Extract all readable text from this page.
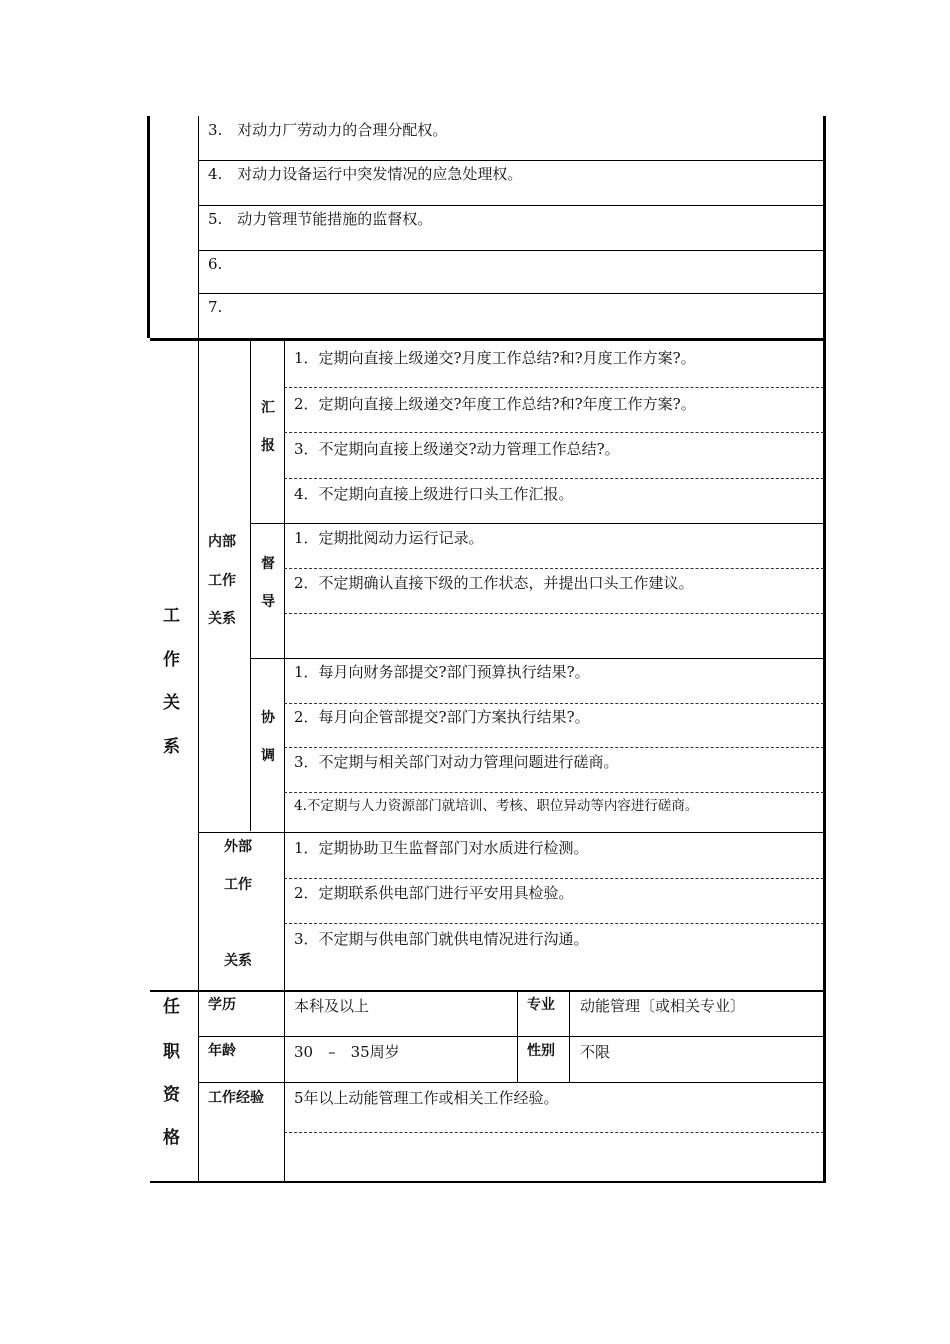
3.　对动力厂劳动力的合理分配权。
4.　对动力设备运行中突发情况的应急处理权。
5.　动力管理节能措施的监督权。
6.
7.
工
作
关
系
内部
工作
关系
汇
报
1．定期向直接上级递交?月度工作总结?和?月度工作方案?。
2．定期向直接上级递交?年度工作总结?和?年度工作方案?。
3．不定期向直接上级递交?动力管理工作总结?。
4．不定期向直接上级进行口头工作汇报。
督
导
1．定期批阅动力运行记录。
2．不定期确认直接下级的工作状态，并提出口头工作建议。
协
调
1．每月向财务部提交?部门预算执行结果?。
2．每月向企管部提交?部门方案执行结果?。
3．不定期与相关部门对动力管理问题进行磋商。
4.不定期与人力资源部门就培训、考核、职位异动等内容进行磋商。
外部
工作
关系
1．定期协助卫生监督部门对水质进行检测。
2．定期联系供电部门进行平安用具检验。
3．不定期与供电部门就供电情况进行沟通。
任
职
资
格
学历	本科及以上	专业 动能管理〔或相关专业〕
年龄	30　–　35周岁	性别 不限
工作经验 5年以上动能管理工作或相关工作经验。
